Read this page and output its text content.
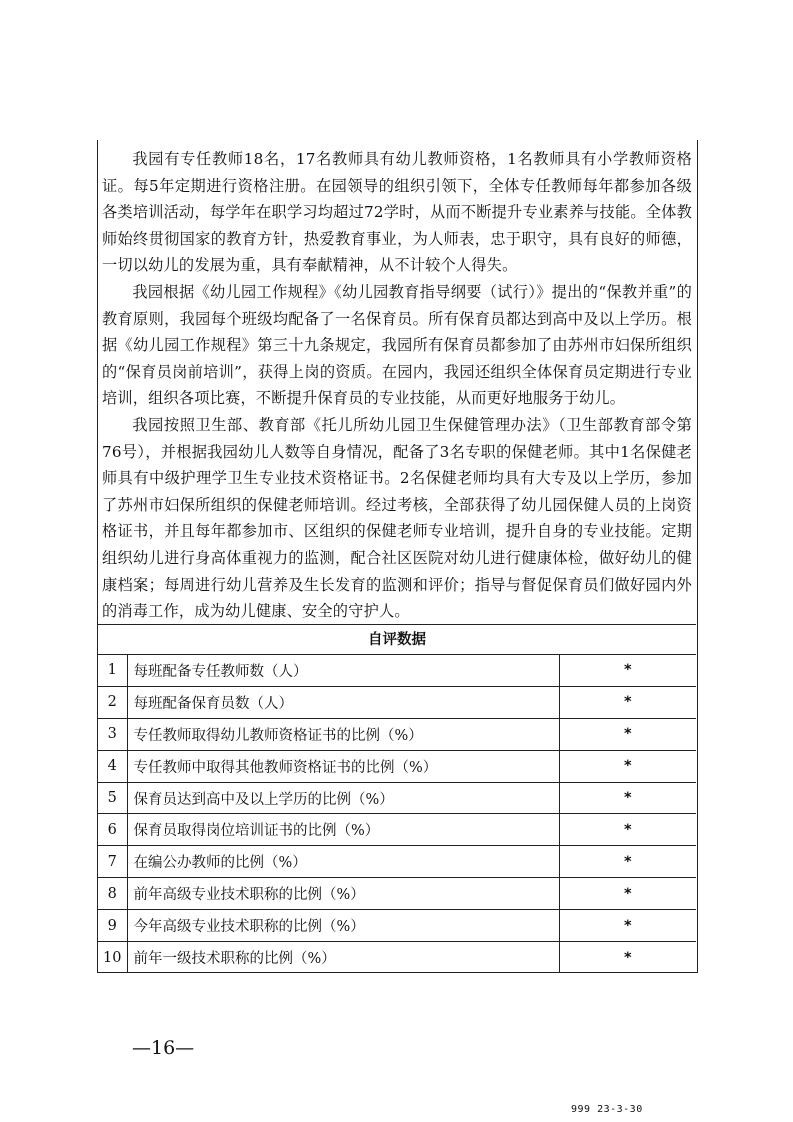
我园有专任教师18名，17名教师具有幼儿教师资格，1名教师具有小学教师资格证。每5年定期进行资格注册。在园领导的组织引领下，全体专任教师每年都参加各级各类培训活动，每学年在职学习均超过72学时，从而不断提升专业素养与技能。全体教师始终贯彻国家的教育方针，热爱教育事业，为人师表，忠于职守，具有良好的师德，一切以幼儿的发展为重，具有奉献精神，从不计较个人得失。

我园根据《幼儿园工作规程》《幼儿园教育指导纲要（试行）》提出的“保教并重”的教育原则，我园每个班级均配备了一名保育员。所有保育员都达到高中及以上学历。根据《幼儿园工作规程》第三十九条规定，我园所有保育员都参加了由苏州市妇保所组织的“保育员岗前培训”，获得上岗的资质。在园内，我园还组织全体保育员定期进行专业培训，组织各项比赛，不断提升保育员的专业技能，从而更好地服务于幼儿。

我园按照卫生部、教育部《托儿所幼儿园卫生保健管理办法》（卫生部教育部令第76号），并根据我园幼儿人数等自身情况，配备了3名专职的保健老师。其中1名保健老师具有中级护理学卫生专业技术资格证书。2名保健老师均具有大专及以上学历，参加了苏州市妇保所组织的保健老师培训。经过考核，全部获得了幼儿园保健人员的上岗资格证书，并且每年都参加市、区组织的保健老师专业培训，提升自身的专业技能。定期组织幼儿进行身高体重视力的监测，配合社区医院对幼儿进行健康体检，做好幼儿的健康档案；每周进行幼儿营养及生长发育的监测和评价；指导与督促保育员们做好园内外的消毒工作，成为幼儿健康、安全的守护人。

自评数据
1	每班配备专任教师数（人）	*
2	每班配备保育员数（人）	*
3	专任教师取得幼儿教师资格证书的比例（%）	*
4	专任教师中取得其他教师资格证书的比例（%）	*
5	保育员达到高中及以上学历的比例（%）	*
6	保育员取得岗位培训证书的比例（%）	*
7	在编公办教师的比例（%）	*
8	前年高级专业技术职称的比例（%）	*
9	今年高级专业技术职称的比例（%）	*
10	前年一级技术职称的比例（%）	*
—16—
999 23-3-30
